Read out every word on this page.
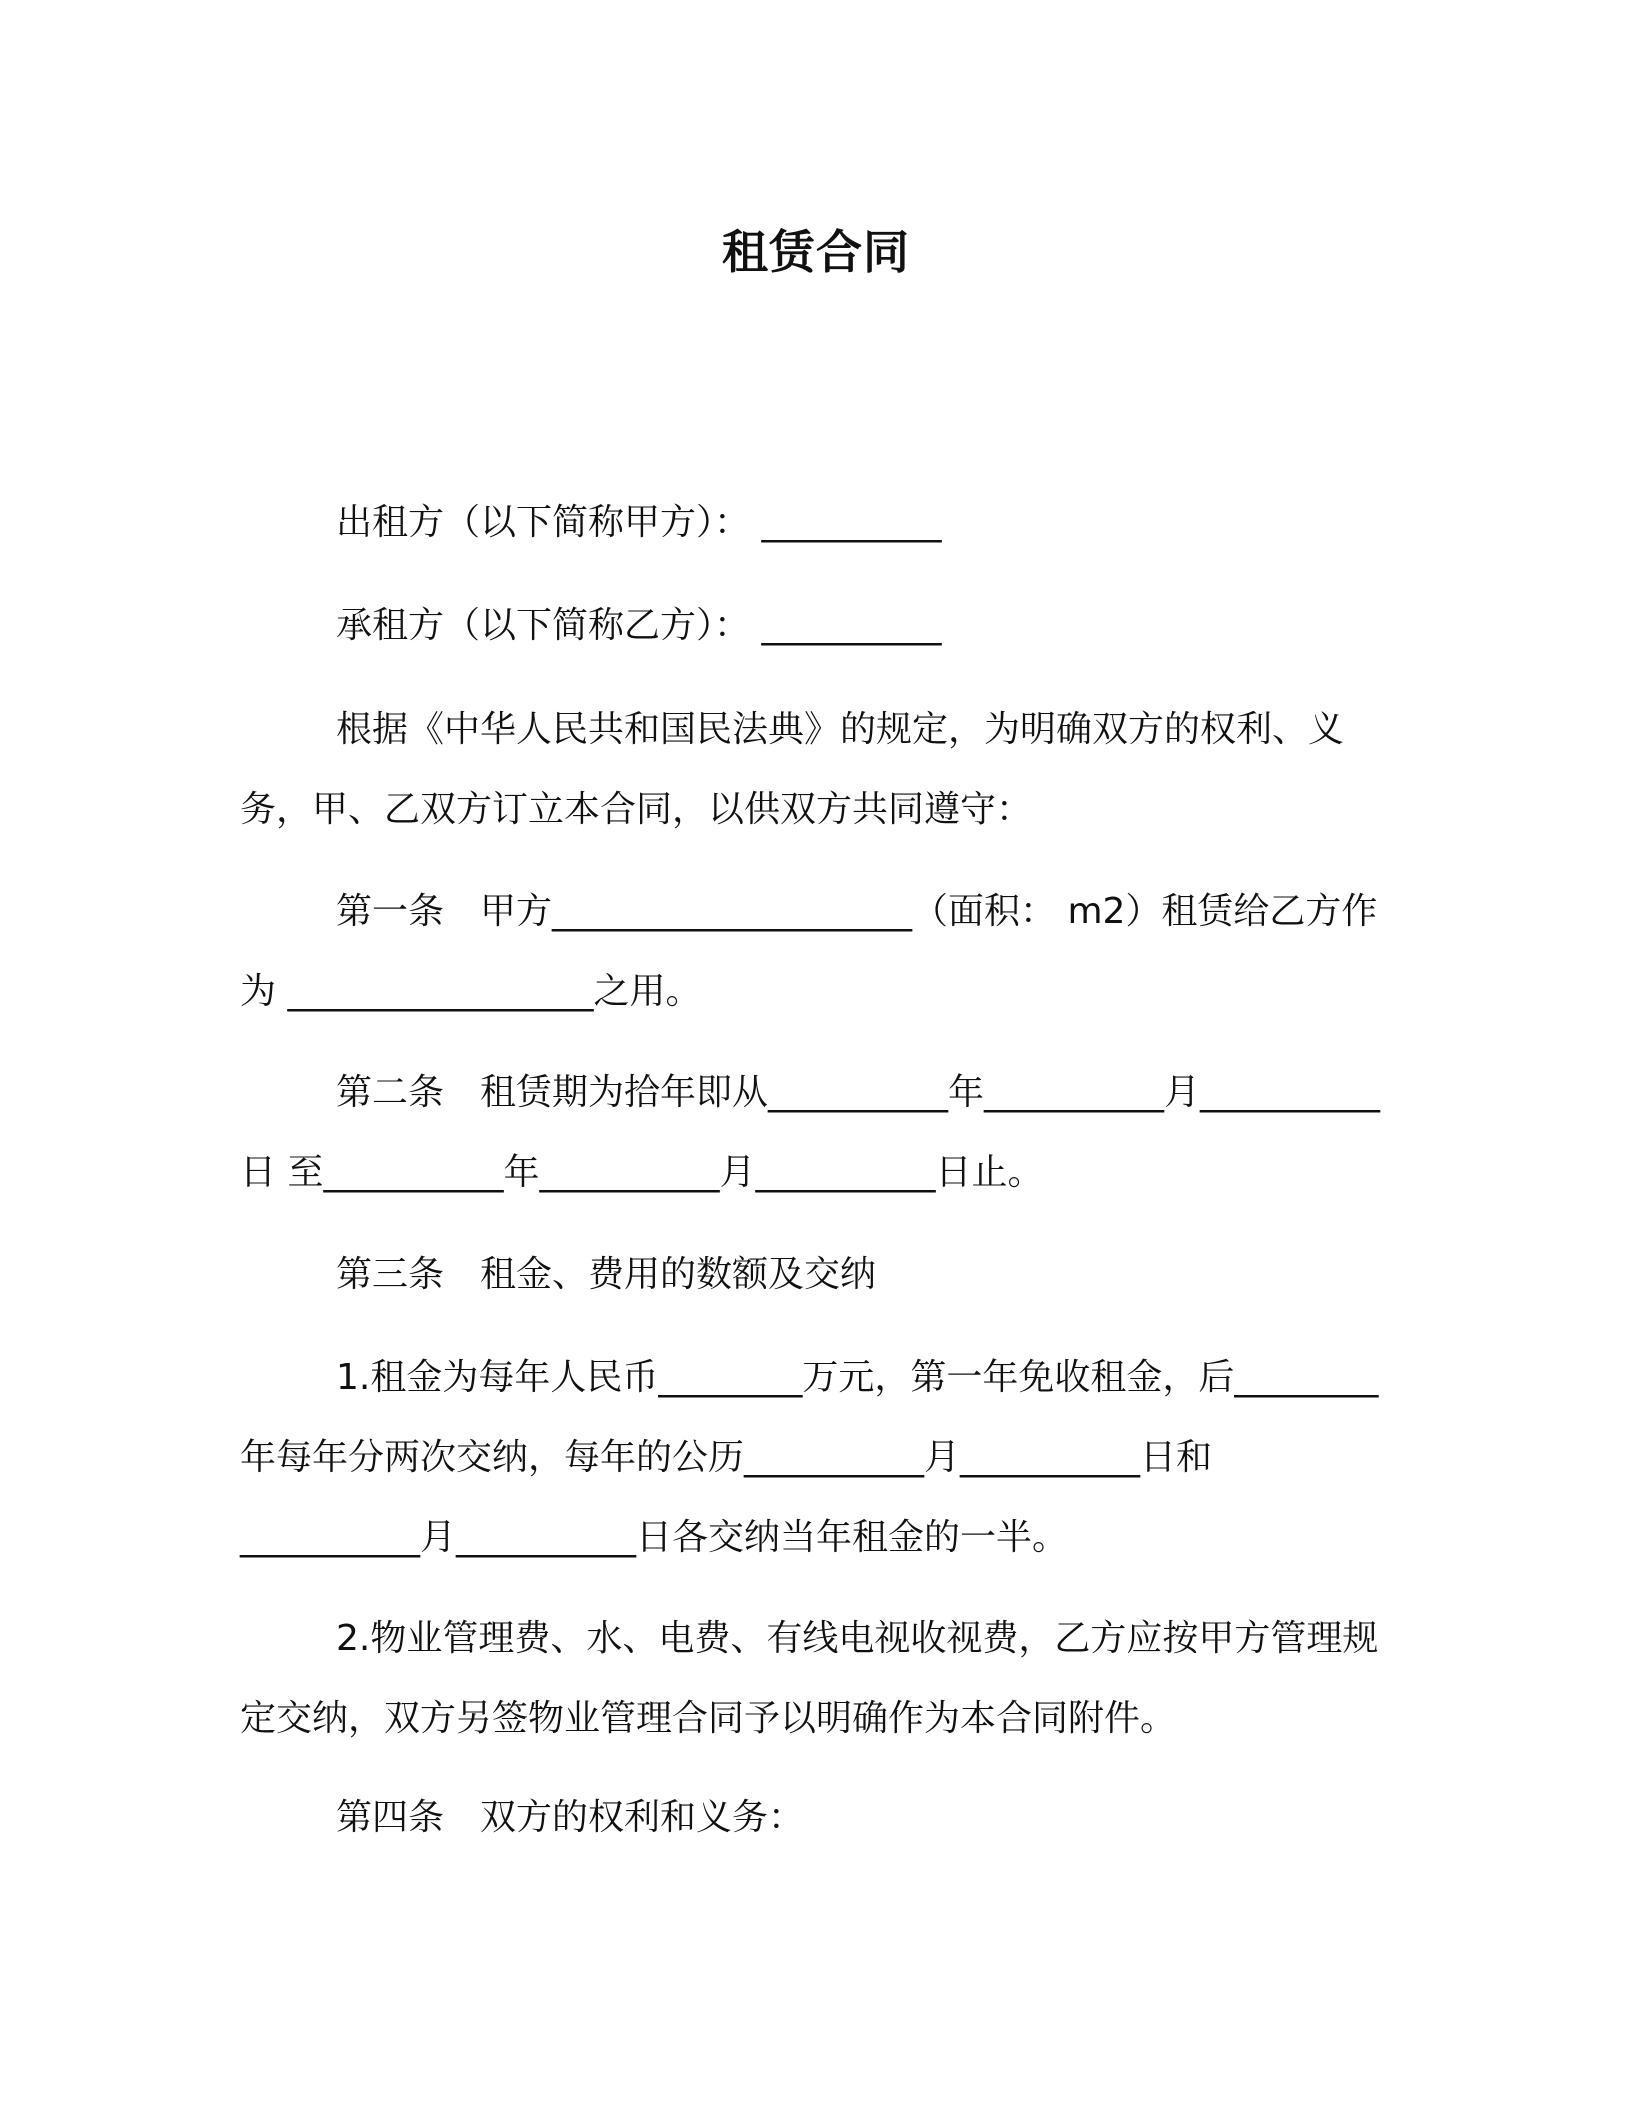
租赁合同
出租方（以下简称甲方）： __________
承租方（以下简称乙方）： __________
根据《中华人民共和国民法典》的规定，为明确双方的权利、义务，甲、乙双方订立本合同，以供双方共同遵守：
第一条　甲方____________________（面积： m2）租赁给乙方作为 _________________之用。
第二条　租赁期为拾年即从__________年__________月__________日 至__________年__________月__________日止。
第三条　租金、费用的数额及交纳
1.租金为每年人民币________万元，第一年免收租金，后________年每年分两次交纳，每年的公历__________月__________日和__________月__________日各交纳当年租金的一半。
2.物业管理费、水、电费、有线电视收视费，乙方应按甲方管理规定交纳，双方另签物业管理合同予以明确作为本合同附件。
第四条　双方的权利和义务：
